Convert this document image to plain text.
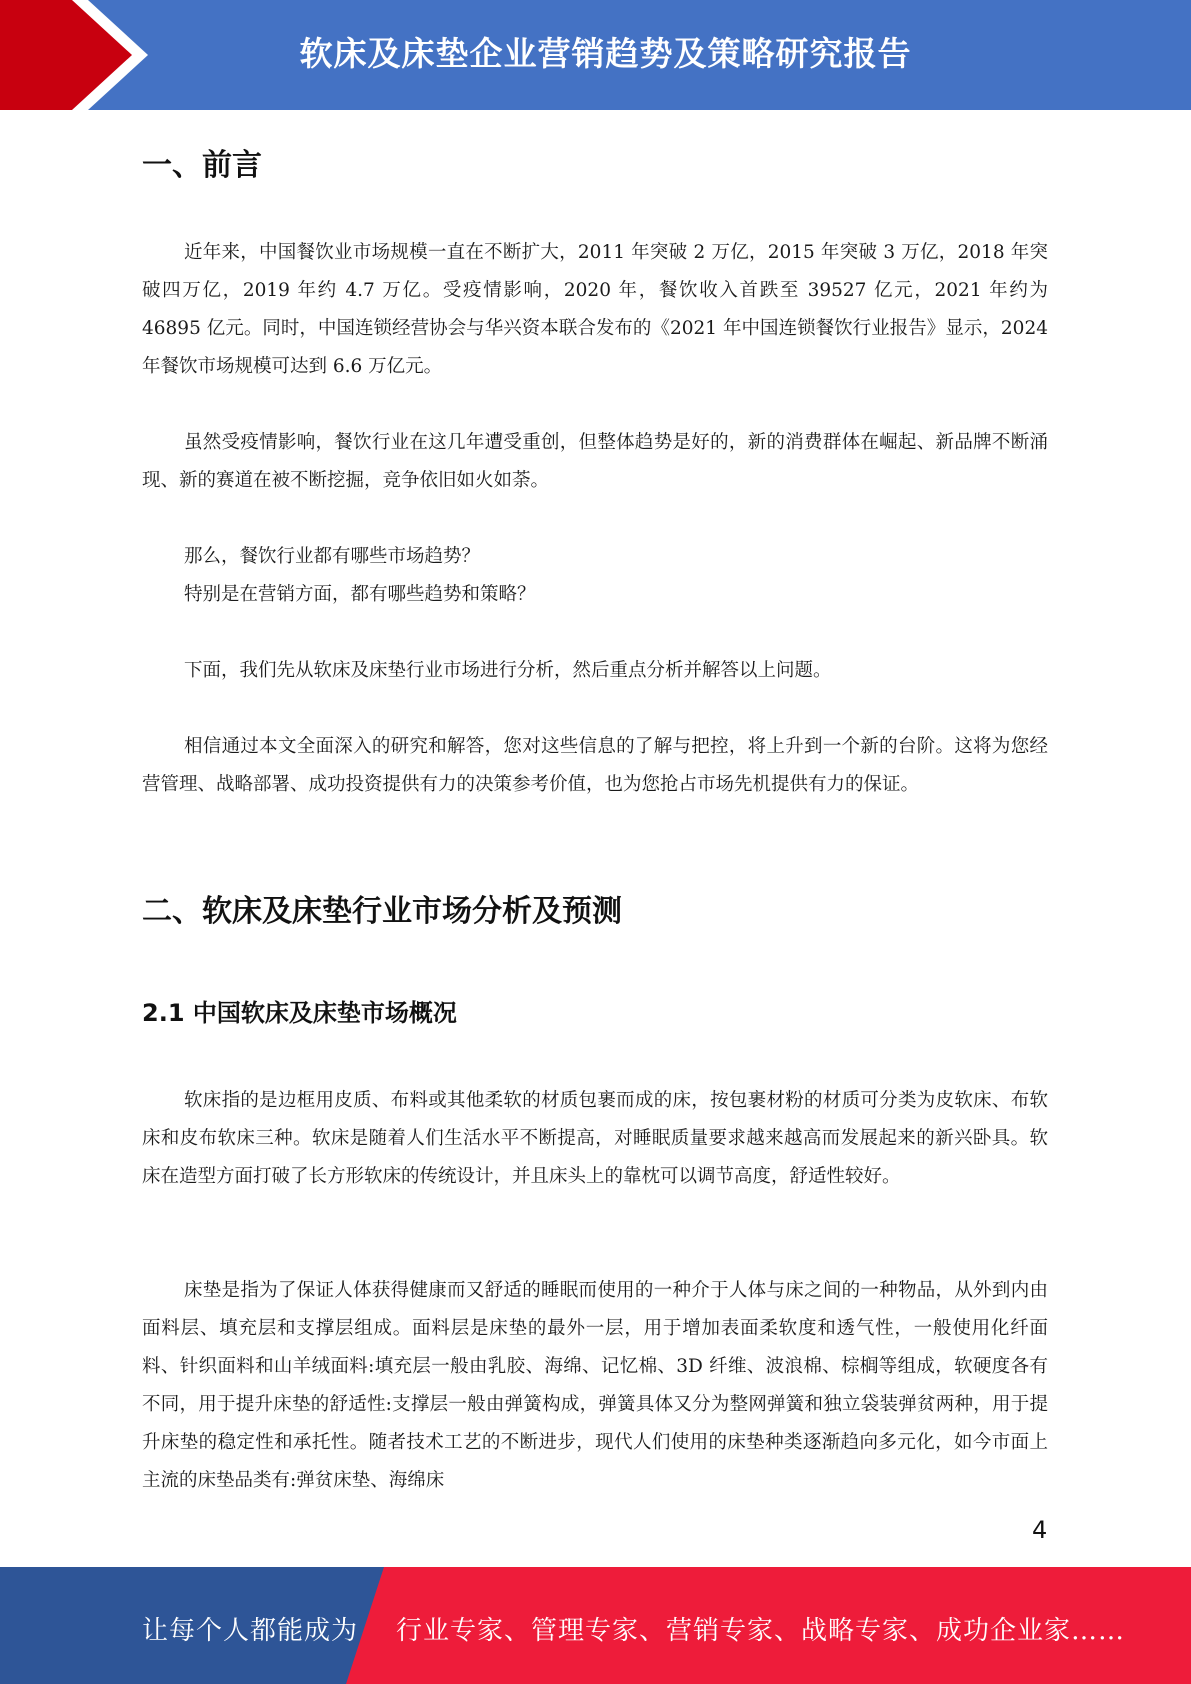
软床及床垫企业营销趋势及策略研究报告
一、前言

近年来，中国餐饮业市场规模一直在不断扩大，2011 年突破 2 万亿，2015 年突破 3 万亿，2018 年突破四万亿，2019 年约 4.7 万亿。受疫情影响，2020 年，餐饮收入首跌至 39527 亿元，2021 年约为 46895 亿元。同时，中国连锁经营协会与华兴资本联合发布的《2021 年中国连锁餐饮行业报告》显示，2024 年餐饮市场规模可达到 6.6 万亿元。

虽然受疫情影响，餐饮行业在这几年遭受重创，但整体趋势是好的，新的消费群体在崛起、新品牌不断涌现、新的赛道在被不断挖掘，竞争依旧如火如荼。

那么，餐饮行业都有哪些市场趋势？

特别是在营销方面，都有哪些趋势和策略？

下面，我们先从软床及床垫行业市场进行分析，然后重点分析并解答以上问题。

相信通过本文全面深入的研究和解答，您对这些信息的了解与把控，将上升到一个新的台阶。这将为您经营管理、战略部署、成功投资提供有力的决策参考价值，也为您抢占市场先机提供有力的保证。

二、软床及床垫行业市场分析及预测
2.1 中国软床及床垫市场概况

软床指的是边框用皮质、布料或其他柔软的材质包裹而成的床，按包裹材粉的材质可分类为皮软床、布软床和皮布软床三种。软床是随着人们生活水平不断提高，对睡眠质量要求越来越高而发展起来的新兴卧具。软床在造型方面打破了长方形软床的传统设计，并且床头上的靠枕可以调节高度，舒适性较好。

床垫是指为了保证人体获得健康而又舒适的睡眠而使用的一种介于人体与床之间的一种物品，从外到内由面料层、填充层和支撑层组成。面料层是床垫的最外一层，用于增加表面柔软度和透气性，一般使用化纤面料、针织面料和山羊绒面料:填充层一般由乳胶、海绵、记忆棉、3D 纤维、波浪棉、棕榈等组成，软硬度各有不同，用于提升床垫的舒适性:支撑层一般由弹簧构成，弹簧具体又分为整网弹簧和独立袋装弹贫两种，用于提升床垫的稳定性和承托性。随者技术工艺的不断进步，现代人们使用的床垫种类逐渐趋向多元化，如今市面上主流的床垫品类有:弹贫床垫、海绵床

4
让每个人都能成为 行业专家、管理专家、营销专家、战略专家、成功企业家……
